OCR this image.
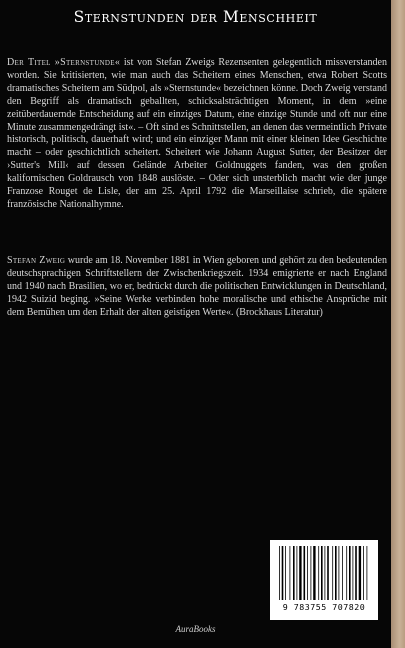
Sternstunden der Menschheit

Der Titel »Sternstunde« ist von Stefan Zweigs Rezensenten gelegentlich missverstanden worden. Sie kritisierten, wie man auch das Scheitern eines Menschen, etwa Robert Scotts dramatisches Scheitern am Südpol, als »Sternstunde« bezeichnen könne. Doch Zweig verstand den Begriff als dramatisch geballten, schicksalsträchtigen Moment, in dem »eine zeitüberdauernde Entscheidung auf ein einziges Datum, eine einzige Stunde und oft nur eine Minute zusammengedrängt ist«. – Oft sind es Schnittstellen, an denen das vermeintlich Private historisch, politisch, dauerhaft wird; und ein einziger Mann mit einer kleinen Idee Geschichte macht – oder geschichtlich scheitert. Scheitert wie Johann August Sutter, der Besitzer der ›Sutter's Mill‹ auf dessen Gelände Arbeiter Goldnuggets fanden, was den großen kalifornischen Goldrausch von 1848 auslöste. – Oder sich unsterblich macht wie der junge Franzose Rouget de Lisle, der am 25. April 1792 die Marseillaise schrieb, die spätere französische Nationalhymne.

Stefan Zweig wurde am 18. November 1881 in Wien geboren und gehört zu den bedeutenden deutschsprachigen Schriftstellern der Zwischenkriegszeit. 1934 emigrierte er nach England und 1940 nach Brasilien, wo er, bedrückt durch die politischen Entwicklungen in Deutschland, 1942 Suizid beging. »Seine Werke verbinden hohe moralische und ethische Ansprüche mit dem Bemühen um den Erhalt der alten geistigen Werte«. (Brockhaus Literatur)

9 783755 707820
AuraBooks
